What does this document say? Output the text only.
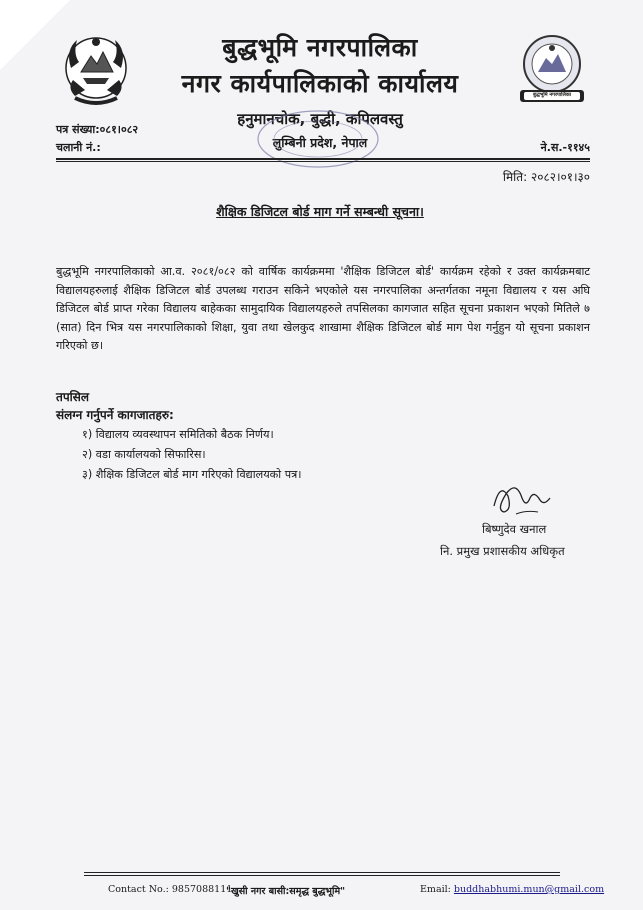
बुद्धभूमि नगरपालिका
बुद्धभूमि नगरपालिका
नगर कार्यपालिकाको कार्यालय
हनुमानचोक, बुद्धी, कपिलवस्तु
लुम्बिनी प्रदेश, नेपाल
पत्र संख्या:०८१।०८२
चलानी नं.:	ने.स.-११४५
मिति: २०८२।०१।३०
शैक्षिक डिजिटल बोर्ड माग गर्ने सम्बन्धी सूचना।
बुद्धभूमि नगरपालिकाको आ.व. २०८१/०८२ को वार्षिक कार्यक्रममा 'शैक्षिक डिजिटल बोर्ड' कार्यक्रम रहेको र उक्त कार्यक्रमबाट विद्यालयहरुलाई शैक्षिक डिजिटल बोर्ड उपलब्ध गराउन सकिने भएकोले यस नगरपालिका अन्तर्गतका नमूना विद्यालय र यस अघि डिजिटल बोर्ड प्राप्त गरेका विद्यालय बाहेकका सामुदायिक विद्यालयहरुले तपसिलका कागजात सहित सूचना प्रकाशन भएको मितिले ७ (सात) दिन भित्र यस नगरपालिकाको शिक्षा, युवा तथा खेलकुद शाखामा शैक्षिक डिजिटल बोर्ड माग पेश गर्नुहुन यो सूचना प्रकाशन गरिएको छ।
तपसिल
संलग्न गर्नुपर्ने कागजातहरु:
१) विद्यालय व्यवस्थापन समितिको बैठक निर्णय।
२) वडा कार्यालयको सिफारिस।
३) शैक्षिक डिजिटल बोर्ड माग गरिएको विद्यालयको पत्र।
बिष्णुदेव खनाल
नि. प्रमुख प्रशासकीय अधिकृत
Contact No.: 9857088111
"खुसी नगर बासी:समृद्ध बुद्धभूमि"	Email: buddhabhumi.mun@gmail.com
